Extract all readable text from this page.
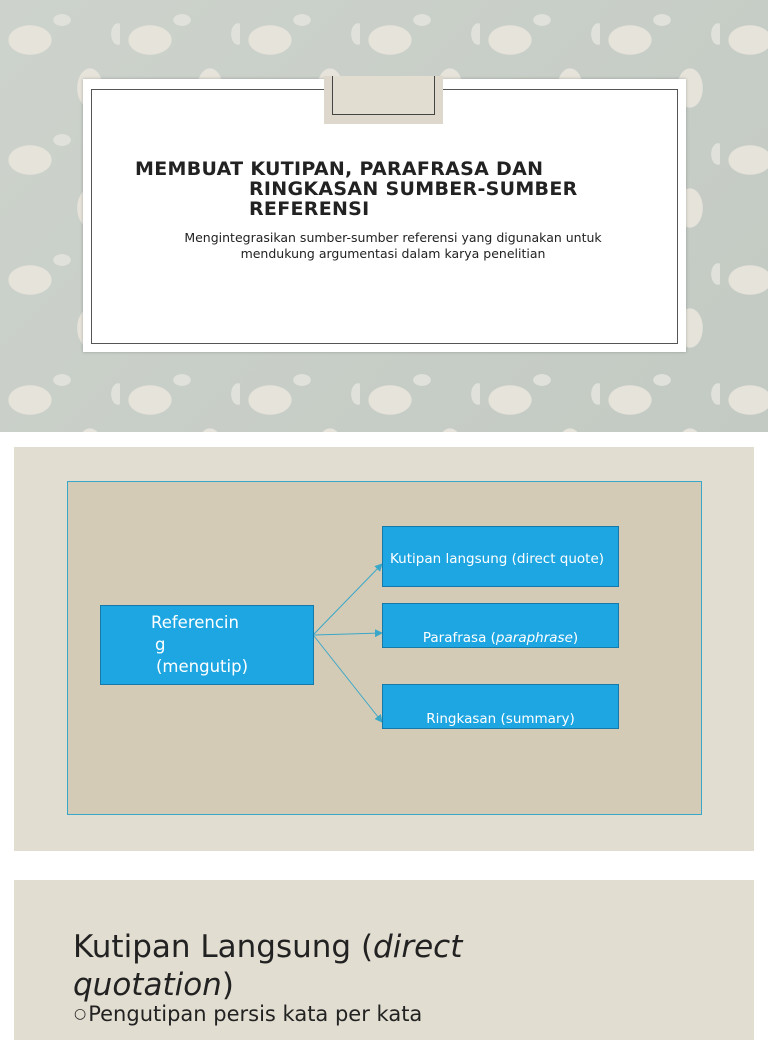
MEMBUAT KUTIPAN, PARAFRASA DAN
RINGKASAN SUMBER-SUMBER
REFERENSI
Mengintegrasikan sumber-sumber referensi yang digunakan untuk
mendukung argumentasi dalam karya penelitian
Referencin
g
(mengutip)
Kutipan langsung (direct quote)
Parafrasa (paraphrase)
Ringkasan (summary)
Kutipan Langsung (direct quotation)
○Pengutipan persis kata per kata
